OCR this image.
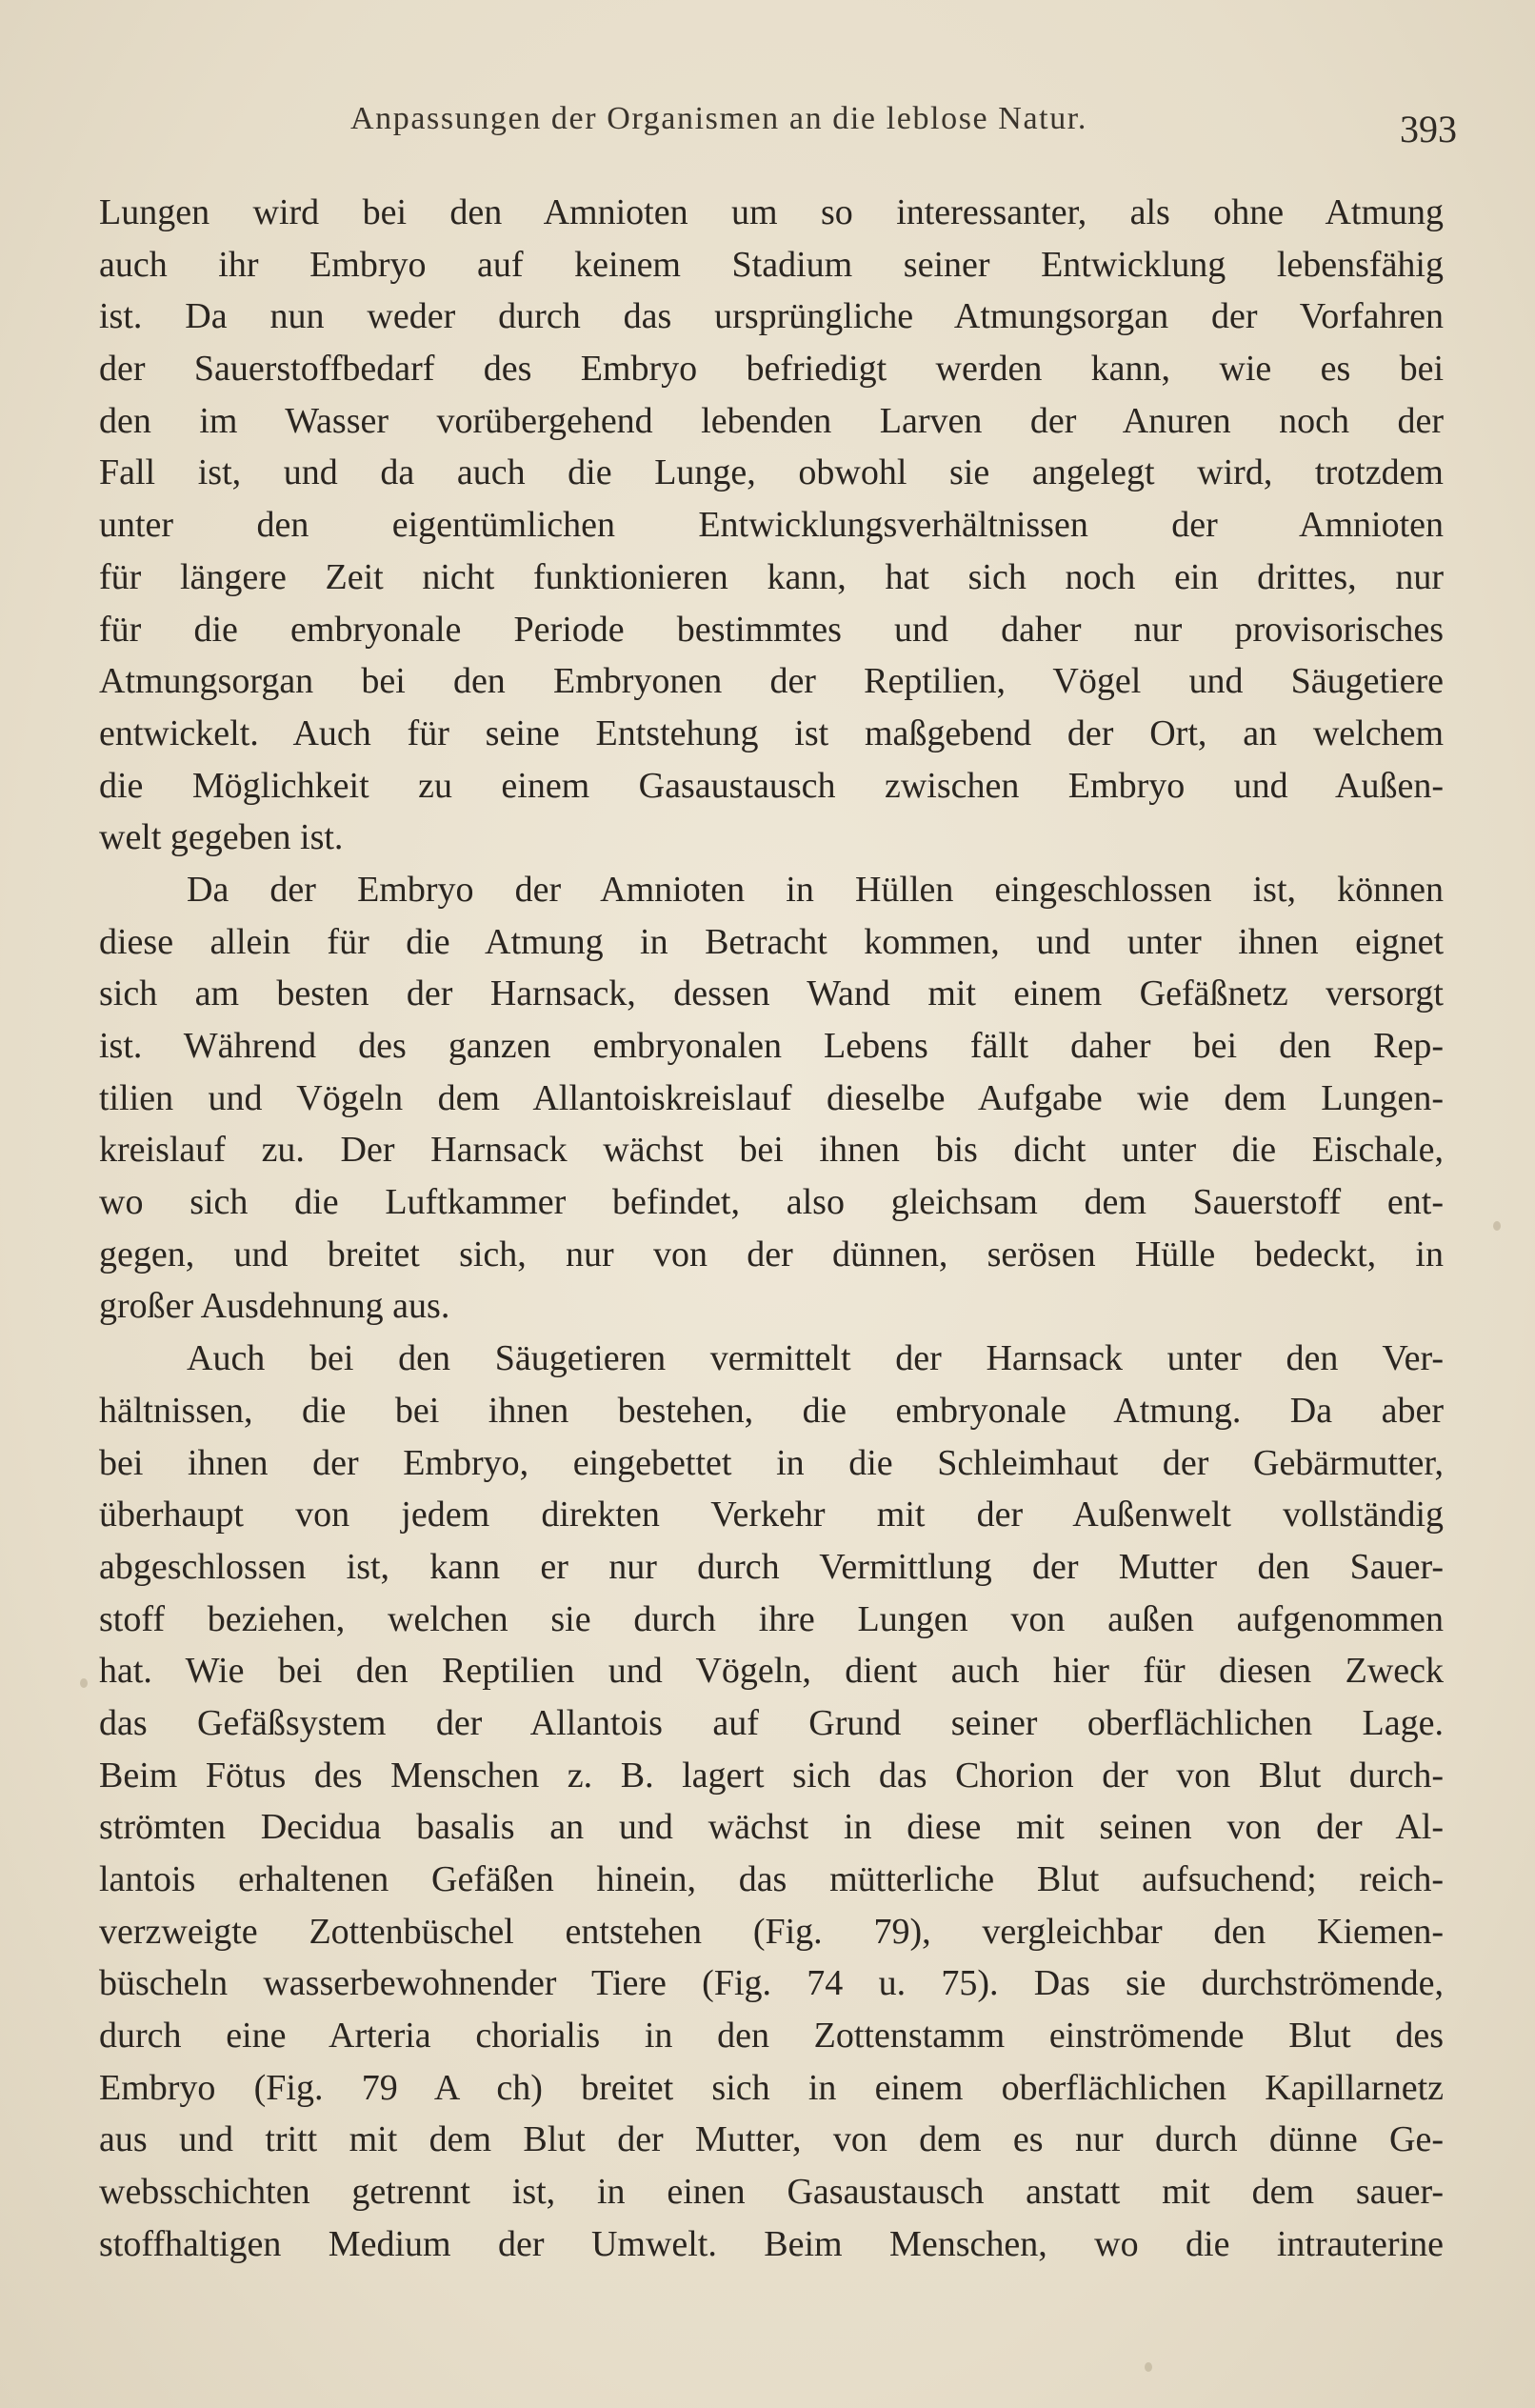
Anpassungen der Organismen an die leblose Natur.	393
Lungen wird bei den Amnioten um so interessanter, als ohne Atmung
auch ihr Embryo auf keinem Stadium seiner Entwicklung lebensfähig
ist. Da nun weder durch das ursprüngliche Atmungsorgan der Vorfahren
der Sauerstoffbedarf des Embryo befriedigt werden kann, wie es bei
den im Wasser vorübergehend lebenden Larven der Anuren noch der
Fall ist, und da auch die Lunge, obwohl sie angelegt wird, trotzdem
unter den eigentümlichen Entwicklungsverhältnissen der Amnioten
für längere Zeit nicht funktionieren kann, hat sich noch ein drittes, nur
für die embryonale Periode bestimmtes und daher nur provisorisches
Atmungsorgan bei den Embryonen der Reptilien, Vögel und Säugetiere
entwickelt. Auch für seine Entstehung ist maßgebend der Ort, an welchem
die Möglichkeit zu einem Gasaustausch zwischen Embryo und Außen-
welt gegeben ist.
Da der Embryo der Amnioten in Hüllen eingeschlossen ist, können
diese allein für die Atmung in Betracht kommen, und unter ihnen eignet
sich am besten der Harnsack, dessen Wand mit einem Gefäßnetz versorgt
ist. Während des ganzen embryonalen Lebens fällt daher bei den Rep-
tilien und Vögeln dem Allantoiskreislauf dieselbe Aufgabe wie dem Lungen-
kreislauf zu. Der Harnsack wächst bei ihnen bis dicht unter die Eischale,
wo sich die Luftkammer befindet, also gleichsam dem Sauerstoff ent-
gegen, und breitet sich, nur von der dünnen, serösen Hülle bedeckt, in
großer Ausdehnung aus.
Auch bei den Säugetieren vermittelt der Harnsack unter den Ver-
hältnissen, die bei ihnen bestehen, die embryonale Atmung. Da aber
bei ihnen der Embryo, eingebettet in die Schleimhaut der Gebärmutter,
überhaupt von jedem direkten Verkehr mit der Außenwelt vollständig
abgeschlossen ist, kann er nur durch Vermittlung der Mutter den Sauer-
stoff beziehen, welchen sie durch ihre Lungen von außen aufgenommen
hat. Wie bei den Reptilien und Vögeln, dient auch hier für diesen Zweck
das Gefäßsystem der Allantois auf Grund seiner oberflächlichen Lage.
Beim Fötus des Menschen z. B. lagert sich das Chorion der von Blut durch-
strömten Decidua basalis an und wächst in diese mit seinen von der Al-
lantois erhaltenen Gefäßen hinein, das mütterliche Blut aufsuchend; reich-
verzweigte Zottenbüschel entstehen (Fig. 79), vergleichbar den Kiemen-
büscheln wasserbewohnender Tiere (Fig. 74 u. 75). Das sie durchströmende,
durch eine Arteria chorialis in den Zottenstamm einströmende Blut des
Embryo (Fig. 79 A ch) breitet sich in einem oberflächlichen Kapillarnetz
aus und tritt mit dem Blut der Mutter, von dem es nur durch dünne Ge-
websschichten getrennt ist, in einen Gasaustausch anstatt mit dem sauer-
stoffhaltigen Medium der Umwelt. Beim Menschen, wo die intrauterine
